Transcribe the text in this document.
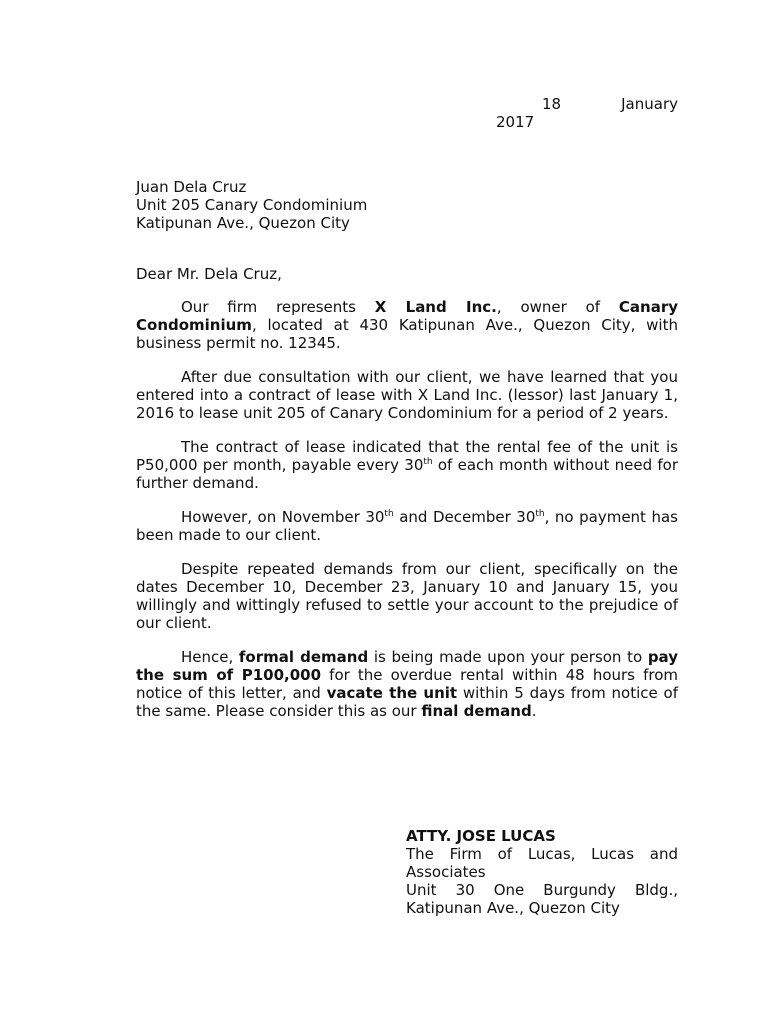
18	January
2017
Juan Dela Cruz
Unit 205 Canary Condominium
Katipunan Ave., Quezon City
Dear Mr. Dela Cruz,

Our firm represents X Land Inc., owner of Canary Condominium, located at 430 Katipunan Ave., Quezon City, with business permit no. 12345.

After due consultation with our client, we have learned that you entered into a contract of lease with X Land Inc. (lessor) last January 1, 2016 to lease unit 205 of Canary Condominium for a period of 2 years.

The contract of lease indicated that the rental fee of the unit is P50,000 per month, payable every 30th of each month without need for further demand.

However, on November 30th and December 30th, no payment has been made to our client.

Despite repeated demands from our client, specifically on the dates December 10, December 23, January 10 and January 15, you willingly and wittingly refused to settle your account to the prejudice of our client.

Hence, formal demand is being made upon your person to pay the sum of P100,000 for the overdue rental within 48 hours from notice of this letter, and vacate the unit within 5 days from notice of the same. Please consider this as our final demand.

ATTY. JOSE LUCAS
The Firm of Lucas, Lucas and
Associates
Unit 30 One Burgundy Bldg.,
Katipunan Ave., Quezon City
